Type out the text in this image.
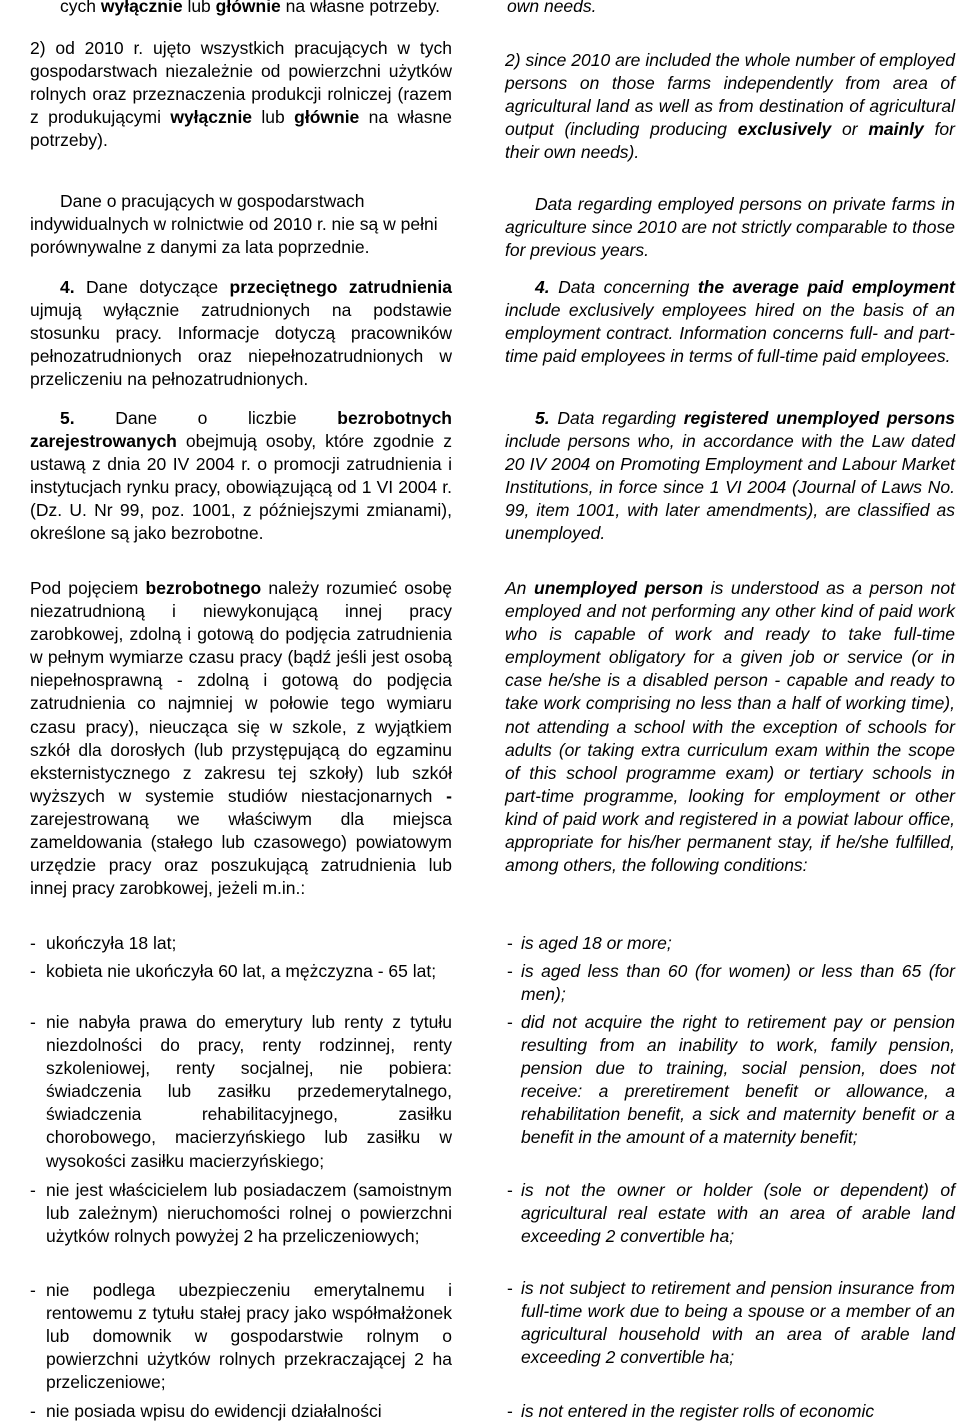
cych wyłącznie lub głównie na własne potrzeby.

2) od 2010 r. ujęto wszystkich pracujących w tych gospodarstwach niezależnie od powierzchni użytków rolnych oraz przeznaczenia produkcji rolniczej (razem z produkującymi wyłącznie lub głównie na własne potrzeby).

Dane o pracujących w gospodarstwach indywidualnych w rolnictwie od 2010 r. nie są w pełni porównywalne z danymi za lata poprzednie.

4. Dane dotyczące przeciętnego zatrudnienia ujmują wyłącznie zatrudnionych na podstawie stosunku pracy. Informacje dotyczą pracowników pełnozatrudnionych oraz niepełnozatrudnionych w przeliczeniu na pełnozatrudnionych.

5. Dane o liczbie bezrobotnych zarejestrowanych obejmują osoby, które zgodnie z ustawą z dnia 20 IV 2004 r. o promocji zatrudnienia i instytucjach rynku pracy, obowiązującą od 1 VI 2004 r. (Dz. U. Nr 99, poz. 1001, z późniejszymi zmianami), określone są jako bezrobotne.

Pod pojęciem bezrobotnego należy rozumieć osobę niezatrudnioną i niewykonującą innej pracy zarobkowej, zdolną i gotową do podjęcia zatrudnienia w pełnym wymiarze czasu pracy (bądź jeśli jest osobą niepełnosprawną - zdolną i gotową do podjęcia zatrudnienia co najmniej w połowie tego wymiaru czasu pracy), nieucząca się w szkole, z wyjątkiem szkół dla dorosłych (lub przystępującą do egzaminu eksternistycznego z zakresu tej szkoły) lub szkół wyższych w systemie studiów niestacjonarnych - zarejestrowaną we właściwym dla miejsca zameldowania (stałego lub czasowego) powiatowym urzędzie pracy oraz poszukującą zatrudnienia lub innej pracy zarobkowej, jeżeli m.in.:

- ukończyła 18 lat;
- kobieta nie ukończyła 60 lat, a mężczyzna - 65 lat;
- nie nabyła prawa do emerytury lub renty z tytułu niezdolności do pracy, renty rodzinnej, renty szkoleniowej, renty socjalnej, nie pobiera: świadczenia lub zasiłku przedemerytalnego, świadczenia rehabilitacyjnego, zasiłku chorobowego, macierzyńskiego lub zasiłku w wysokości zasiłku macierzyńskiego;
- nie jest właścicielem lub posiadaczem (samoistnym lub zależnym) nieruchomości rolnej o powierzchni użytków rolnych powyżej 2 ha przeliczeniowych;
- nie podlega ubezpieczeniu emerytalnemu i rentowemu z tytułu stałej pracy jako współmałżonek lub domownik w gospodarstwie rolnym o powierzchni użytków rolnych przekraczającej 2 ha przeliczeniowe;
- nie posiada wpisu do ewidencji działalności

own needs.

2) since 2010 are included the whole number of employed persons on those farms independently from area of agricultural land as well as from destination of agricultural output (including producing exclusively or mainly for their own needs).

Data regarding employed persons on private farms in agriculture since 2010 are not strictly comparable to those for previous years.

4. Data concerning the average paid employment include exclusively employees hired on the basis of an employment contract. Information concerns full- and part-time paid employees in terms of full-time paid employees.

5. Data regarding registered unemployed persons include persons who, in accordance with the Law dated 20 IV 2004 on Promoting Employment and Labour Market Institutions, in force since 1 VI 2004 (Journal of Laws No. 99, item 1001, with later amendments), are classified as unemployed.

An unemployed person is understood as a person not employed and not performing any other kind of paid work who is capable of work and ready to take full-time employment obligatory for a given job or service (or in case he/she is a disabled person - capable and ready to take work comprising no less than a half of working time), not attending a school with the exception of schools for adults (or taking extra curriculum exam within the scope of this school programme exam) or tertiary schools in part-time programme, looking for employment or other kind of paid work and registered in a powiat labour office, appropriate for his/her permanent stay, if he/she fulfilled, among others, the following conditions:

- is aged 18 or more;
- is aged less than 60 (for women) or less than 65 (for men);
- did not acquire the right to retirement pay or pension resulting from an inability to work, family pension, pension due to training, social pension, does not receive: a preretirement benefit or allowance, a rehabilitation benefit, a sick and maternity benefit or a benefit in the amount of a maternity benefit;
- is not the owner or holder (sole or dependent) of agricultural real estate with an area of arable land exceeding 2 convertible ha;
- is not subject to retirement and pension insurance from full-time work due to being a spouse or a member of an agricultural household with an area of arable land exceeding 2 convertible ha;
- is not entered in the register rolls of economic
